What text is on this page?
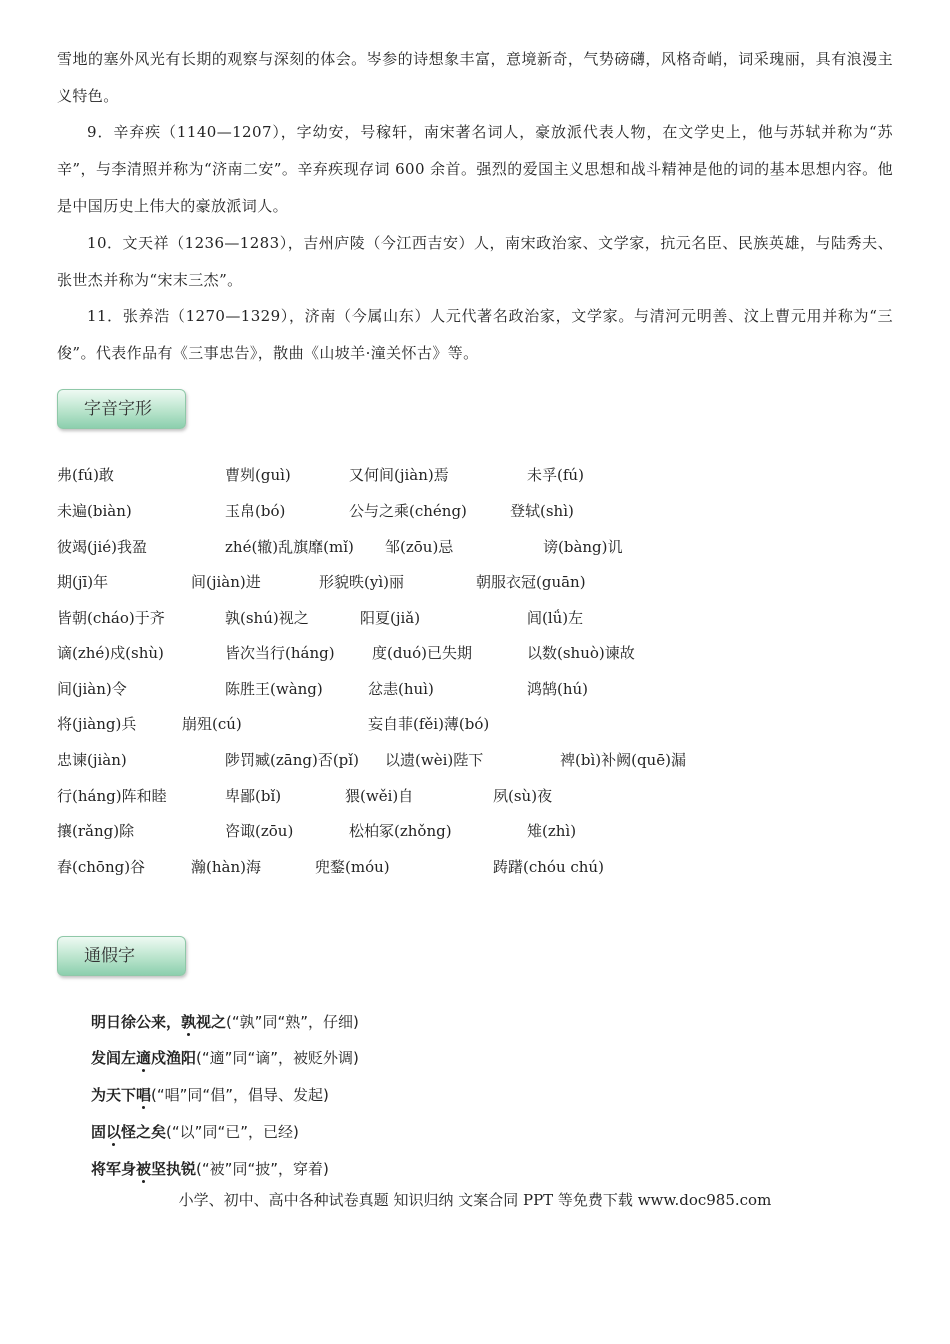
雪地的塞外风光有长期的观察与深刻的体会。岑参的诗想象丰富，意境新奇，气势磅礴，风格奇峭，词采瑰丽，具有浪漫主义特色。

9．辛弃疾（1140—1207），字幼安，号稼轩，南宋著名词人，豪放派代表人物，在文学史上，他与苏轼并称为“苏辛”，与李清照并称为“济南二安”。辛弃疾现存词 600 余首。强烈的爱国主义思想和战斗精神是他的词的基本思想内容。他是中国历史上伟大的豪放派词人。

10．文天祥（1236—1283），吉州庐陵（今江西吉安）人，南宋政治家、文学家，抗元名臣、民族英雄，与陆秀夫、张世杰并称为“宋末三杰”。

11．张养浩（1270—1329），济南（今属山东）人元代著名政治家，文学家。与清河元明善、汶上曹元用并称为“三俊”。代表作品有《三事忠告》，散曲《山坡羊·潼关怀古》等。

字音字形
弗(fú)敢	曹刿(guì)	又何间(jiàn)焉	未孚(fú)
未遍(biàn)	玉帛(bó)	公与之乘(chéng)	登轼(shì)
彼竭(jié)我盈	zhé(辙)乱旗靡(mǐ) 邹(zōu)忌	谤(bàng)讥
期(jī)年	间(jiàn)进	形貌昳(yì)丽	朝服衣冠(guān)
皆朝(cháo)于齐	孰(shú)视之	阳夏(jiǎ)	闾(lǘ)左
谪(zhé)戍(shù)	皆次当行(háng) 度(duó)已失期	以数(shuò)谏故
间(jiàn)令	陈胜王(wàng)	忿恚(huì)	鸿鹄(hú)
将(jiàng)兵	崩殂(cú)	妄自菲(fěi)薄(bó)
忠谏(jiàn)	陟罚臧(zāng)否(pǐ) 以遗(wèi)陛下	裨(bì)补阙(quē)漏
行(háng)阵和睦	卑鄙(bǐ)	猥(wěi)自	夙(sù)夜
攘(rǎng)除	咨诹(zōu)	松柏冢(zhǒng)	雉(zhì)
舂(chōng)谷	瀚(hàn)海	兜鍪(móu)	踌躇(chóu chú)
通假字
明日徐公来，孰视之(“孰”同“熟”，仔细)
发闾左適戍渔阳(“適”同“谪”，被贬外调)
为天下唱(“唱”同“倡”，倡导、发起)
固以怪之矣(“以”同“已”，已经)
将军身被坚执锐(“被”同“披”，穿着)
小学、初中、高中各种试卷真题 知识归纳 文案合同 PPT 等免费下载 www.doc985.com
